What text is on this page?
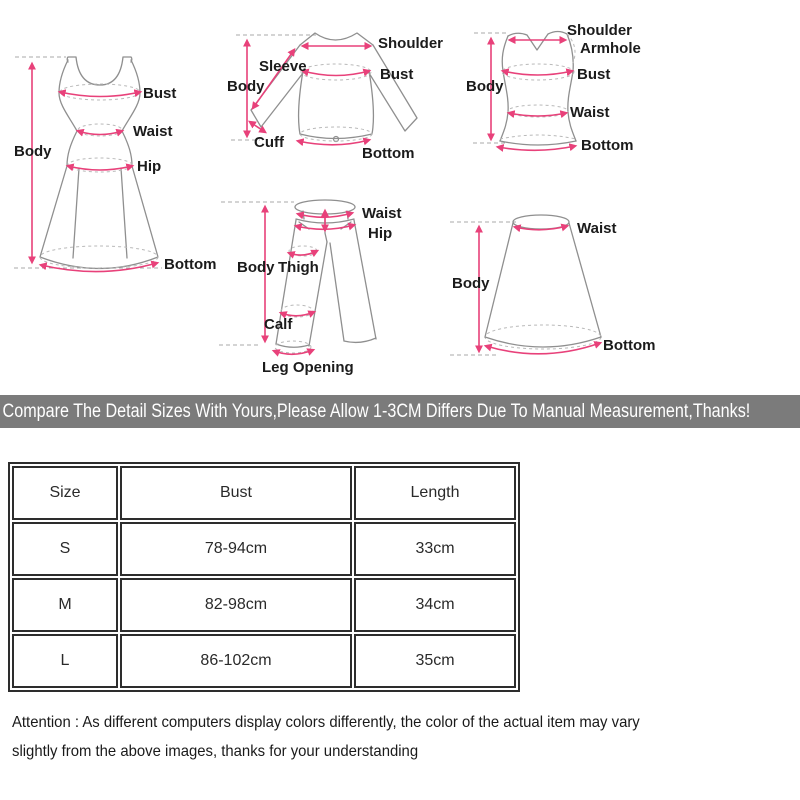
Body
Bust
Waist
Hip
Bottom
Shoulder
Sleeve
Body
Bust
Cuff
Bottom
Shoulder
Armhole
Body
Bust
Waist
Bottom
Waist
Hip
Body Thigh
Calf
Leg Opening
Waist
Body
Bottom
Compare The Detail Sizes With Yours,Please Allow 1-3CM Differs Due To Manual Measurement,Thanks!
Size	Bust	Length
S	78-94cm	33cm
M	82-98cm	34cm
L	86-102cm	35cm
Attention : As different computers display colors differently, the color of the actual item may vary
slightly from the above images, thanks for your understanding
